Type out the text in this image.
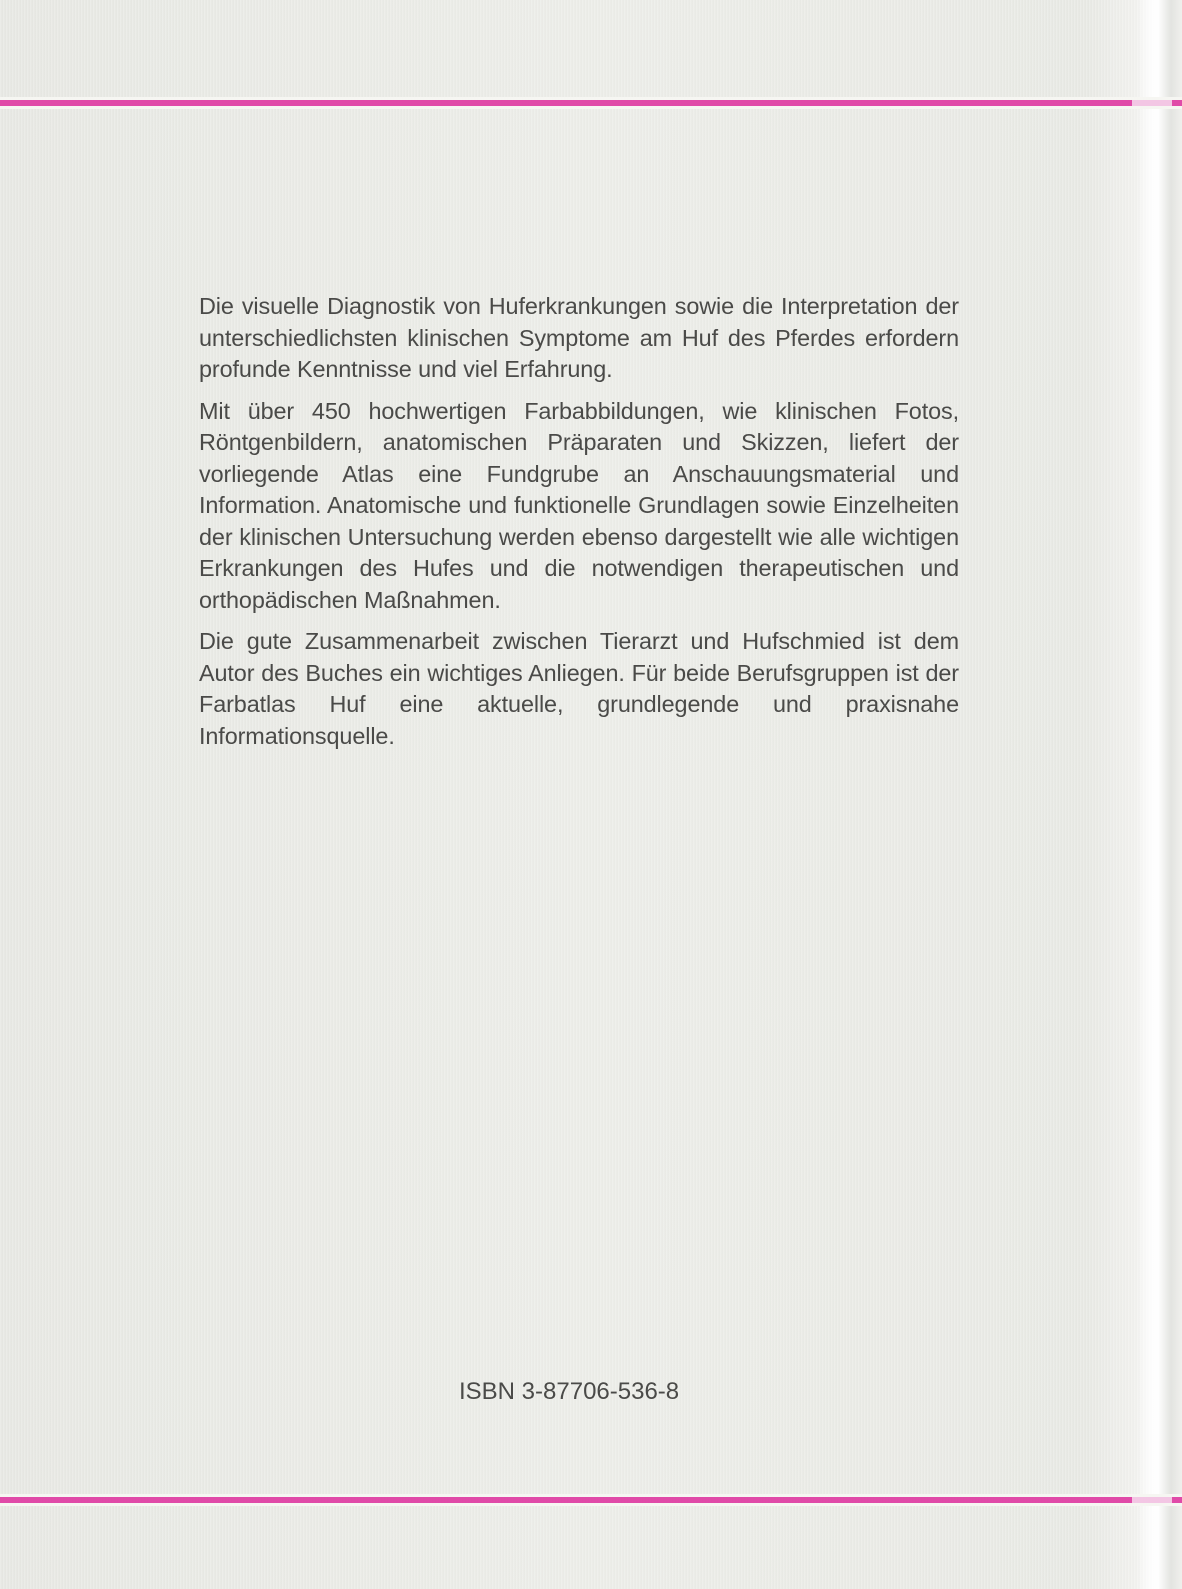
Die visuelle Diagnostik von Huferkrankungen sowie die Interpretation der unterschiedlichsten klinischen Symptome am Huf des Pferdes erfordern profunde Kenntnisse und viel Erfahrung.

Mit über 450 hochwertigen Farbabbildungen, wie klinischen Fotos, Röntgenbildern, anatomischen Präparaten und Skizzen, liefert der vorliegende Atlas eine Fundgrube an Anschauungsmaterial und Information. Anatomische und funktionelle Grundlagen sowie Einzelheiten der klinischen Untersuchung werden ebenso dargestellt wie alle wichtigen Erkrankungen des Hufes und die notwendigen therapeutischen und orthopädischen Maßnahmen.

Die gute Zusammenarbeit zwischen Tierarzt und Hufschmied ist dem Autor des Buches ein wichtiges Anliegen. Für beide Berufsgruppen ist der Farbatlas Huf eine aktuelle, grundlegende und praxisnahe Informationsquelle.

ISBN 3-87706-536-8
